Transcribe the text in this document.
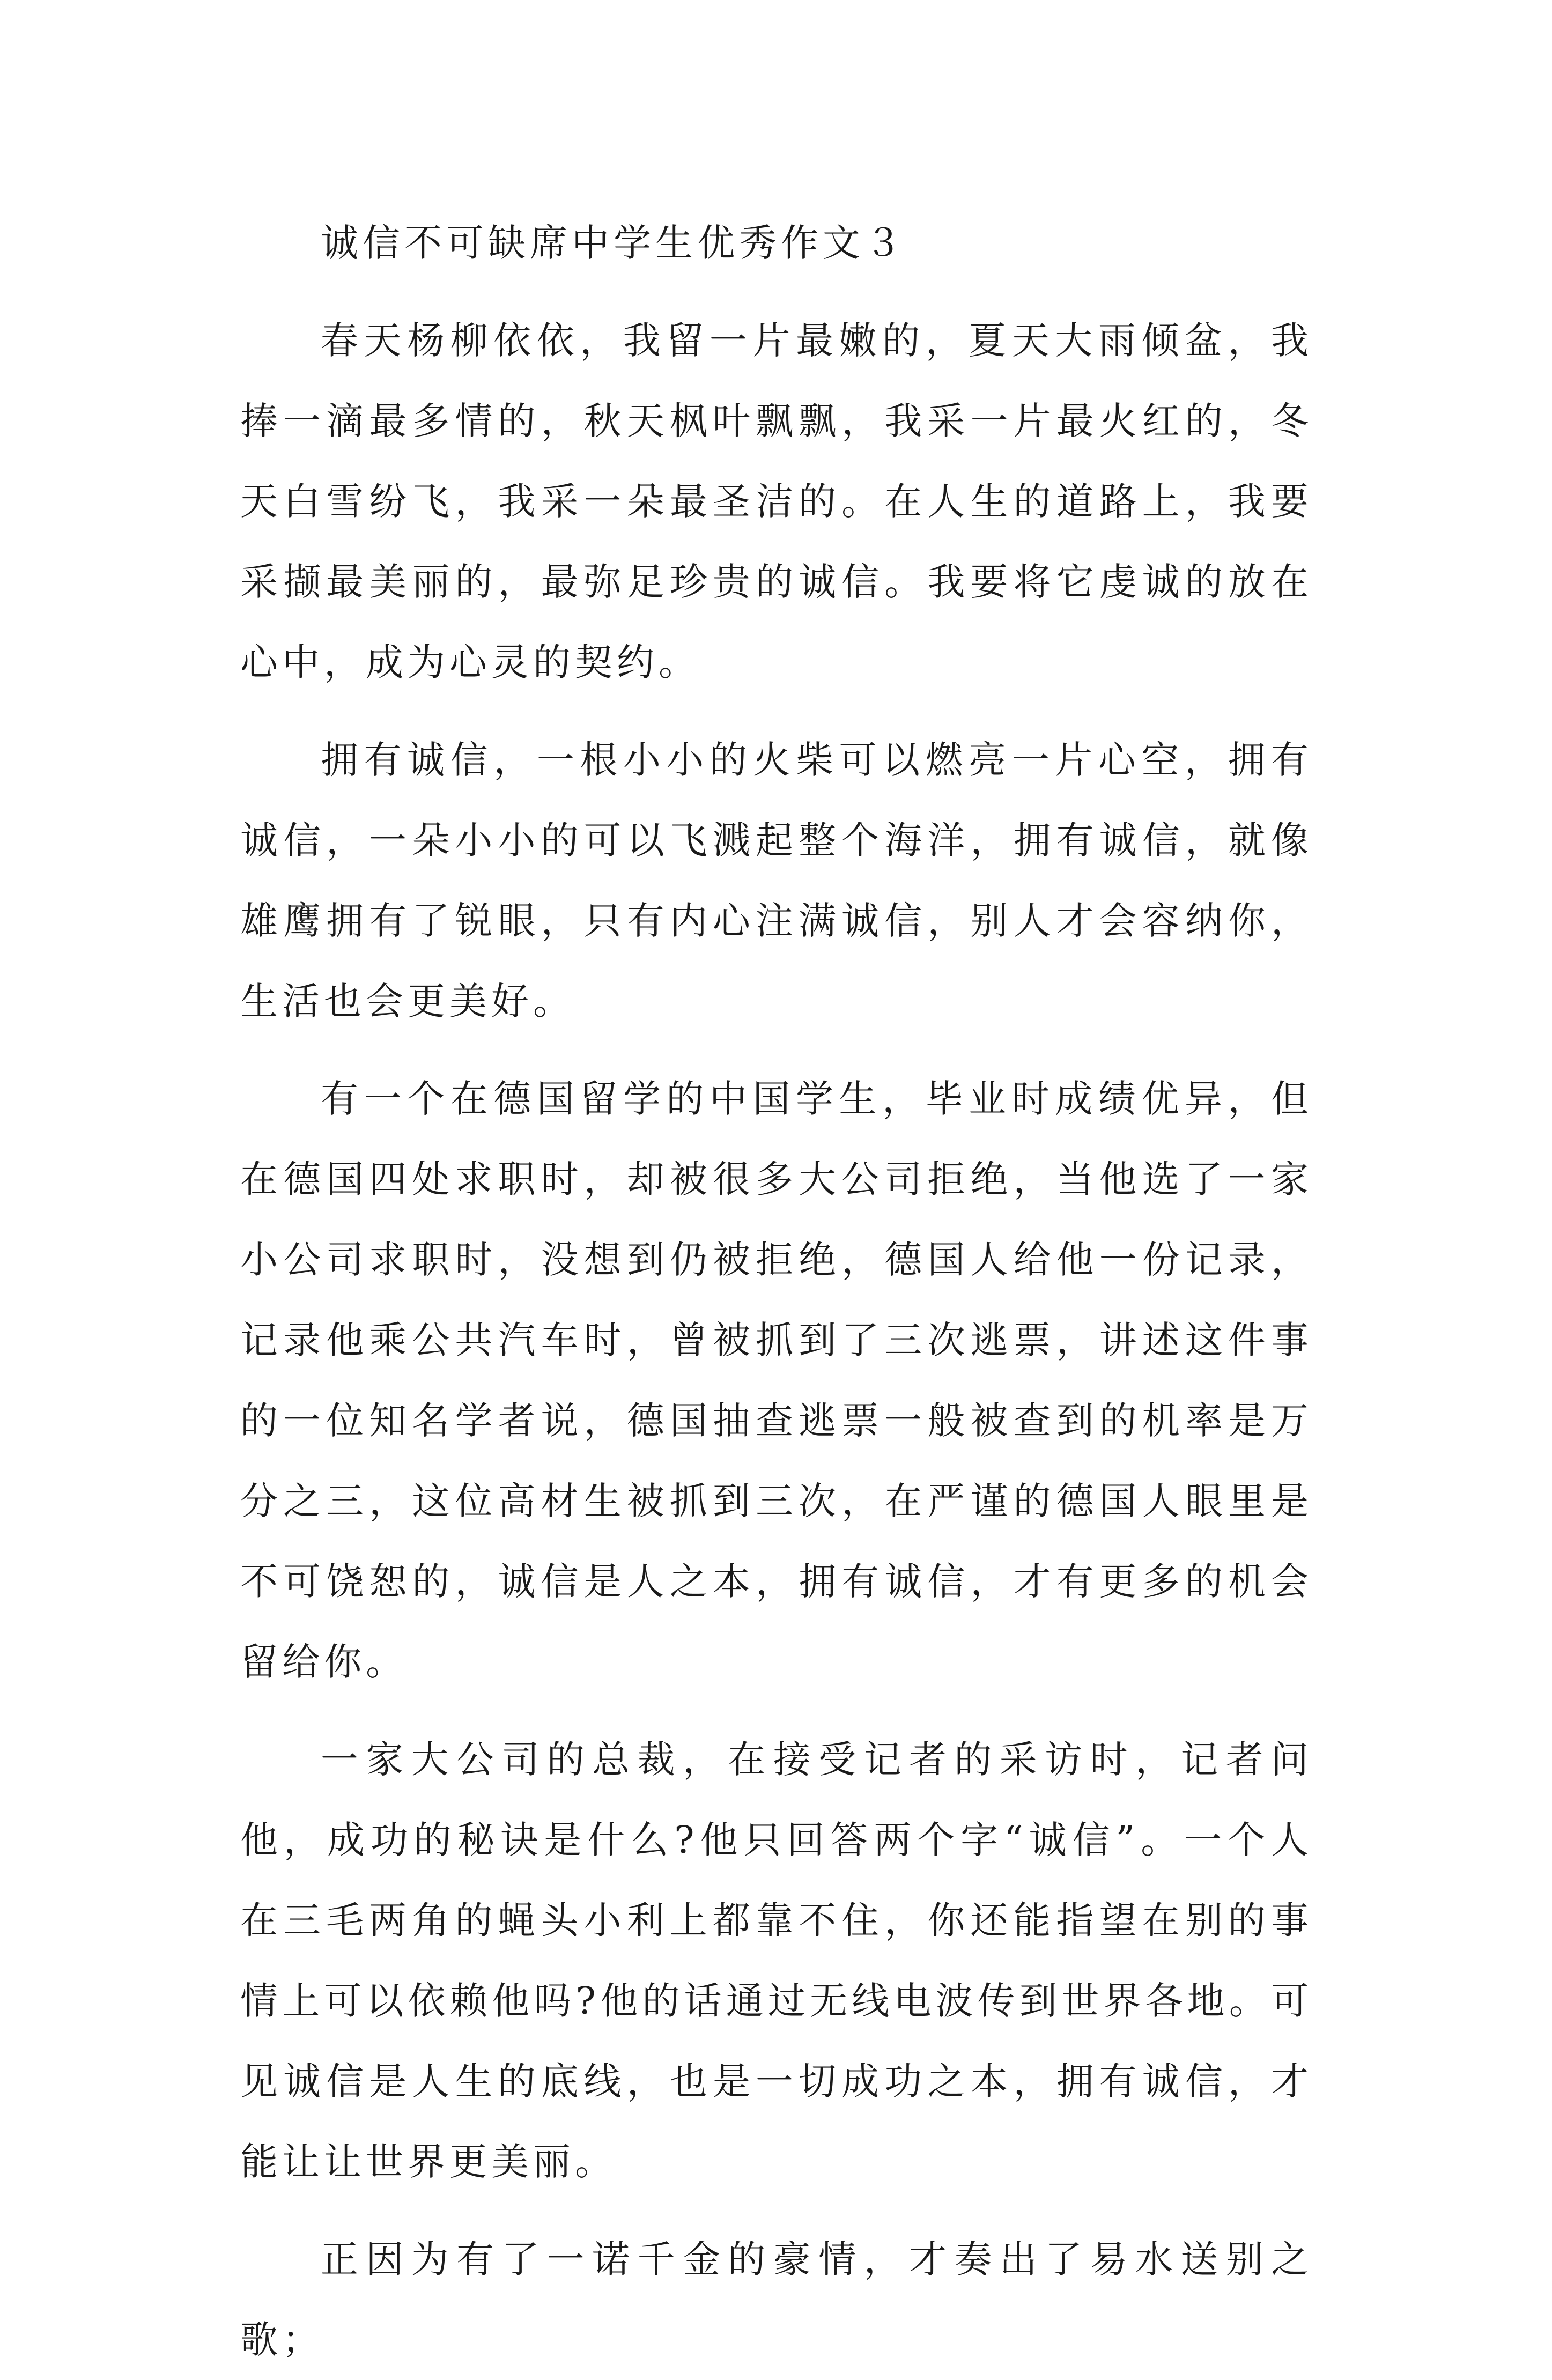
诚信不可缺席中学生优秀作文３

春天杨柳依依，我留一片最嫩的，夏天大雨倾盆，我捧一滴最多情的，秋天枫叶飘飘，我采一片最火红的，冬天白雪纷飞，我采一朵最圣洁的。在人生的道路上，我要采撷最美丽的，最弥足珍贵的诚信。我要将它虔诚的放在心中，成为心灵的契约。

拥有诚信，一根小小的火柴可以燃亮一片心空，拥有诚信，一朵小小的可以飞溅起整个海洋，拥有诚信，就像雄鹰拥有了锐眼，只有内心注满诚信，别人才会容纳你，生活也会更美好。

有一个在德国留学的中国学生，毕业时成绩优异，但在德国四处求职时，却被很多大公司拒绝，当他选了一家小公司求职时，没想到仍被拒绝，德国人给他一份记录，记录他乘公共汽车时，曾被抓到了三次逃票，讲述这件事的一位知名学者说，德国抽查逃票一般被查到的机率是万分之三，这位高材生被抓到三次，在严谨的德国人眼里是不可饶恕的，诚信是人之本，拥有诚信，才有更多的机会留给你。

一家大公司的总裁，在接受记者的采访时，记者问他，成功的秘诀是什么?他只回答两个字“诚信”。一个人在三毛两角的蝇头小利上都靠不住，你还能指望在别的事情上可以依赖他吗?他的话通过无线电波传到世界各地。可见诚信是人生的底线，也是一切成功之本，拥有诚信，才能让让世界更美丽。

正因为有了一诺千金的豪情，才奏出了易水送别之歌；
